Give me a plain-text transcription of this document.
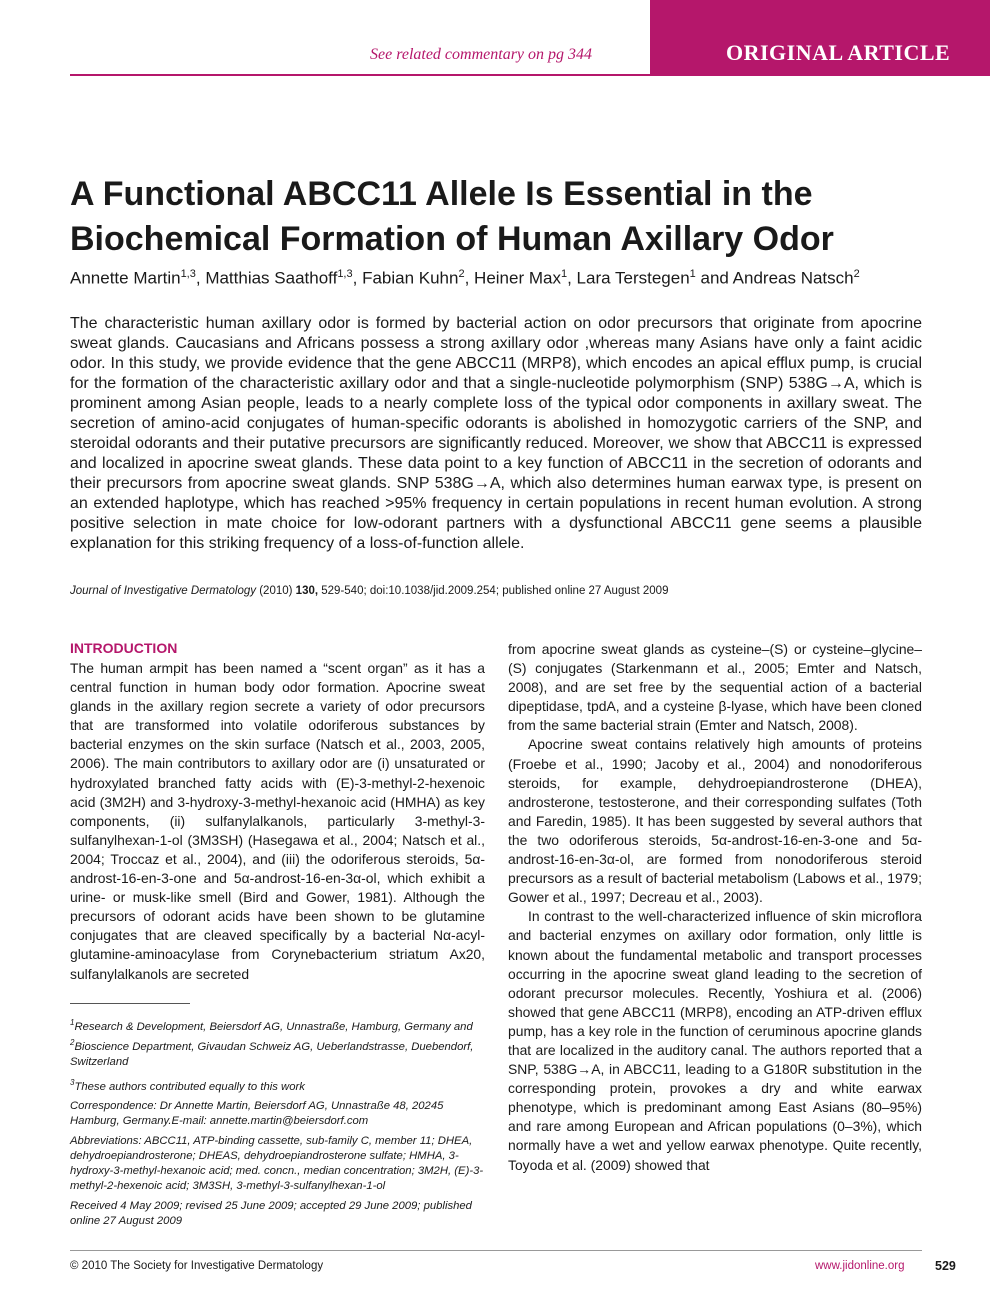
See related commentary on pg 344	ORIGINAL ARTICLE
A Functional ABCC11 Allele Is Essential in the Biochemical Formation of Human Axillary Odor
Annette Martin$^{1,3}$, Matthias Saathoff$^{1,3}$, Fabian Kuhn$^2$, Heiner Max$^1$, Lara Terstegen$^1$ and Andreas Natsch$^2$
The characteristic human axillary odor is formed by bacterial action on odor precursors that originate from apocrine sweat glands. Caucasians and Africans possess a strong axillary odor ,whereas many Asians have only a faint acidic odor. In this study, we provide evidence that the gene ABCC11 (MRP8), which encodes an apical efflux pump, is crucial for the formation of the characteristic axillary odor and that a single-nucleotide polymorphism (SNP) 538G→A, which is prominent among Asian people, leads to a nearly complete loss of the typical odor components in axillary sweat. The secretion of amino-acid conjugates of human-specific odorants is abolished in homozygotic carriers of the SNP, and steroidal odorants and their putative precursors are significantly reduced. Moreover, we show that ABCC11 is expressed and localized in apocrine sweat glands. These data point to a key function of ABCC11 in the secretion of odorants and their precursors from apocrine sweat glands. SNP 538G→A, which also determines human earwax type, is present on an extended haplotype, which has reached >95% frequency in certain populations in recent human evolution. A strong positive selection in mate choice for low-odorant partners with a dysfunctional ABCC11 gene seems a plausible explanation for this striking frequency of a loss-of-function allele.
Journal of Investigative Dermatology (2010) 130, 529-540; doi:10.1038/jid.2009.254; published online 27 August 2009
INTRODUCTION

The human armpit has been named a “scent organ” as it has a central function in human body odor formation. Apocrine sweat glands in the axillary region secrete a variety of odor precursors that are transformed into volatile odoriferous substances by bacterial enzymes on the skin surface (Natsch et al., 2003, 2005, 2006). The main contributors to axillary odor are (i) unsaturated or hydroxylated branched fatty acids with (E)-3-methyl-2-hexenoic acid (3M2H) and 3-hydroxy-3-methyl-hexanoic acid (HMHA) as key components, (ii) sulfanylalkanols, particularly 3-methyl-3-sulfanylhexan-1-ol (3M3SH) (Hasegawa et al., 2004; Natsch et al., 2004; Troccaz et al., 2004), and (iii) the odoriferous steroids, 5α-androst-16-en-3-one and 5α-androst-16-en-3α-ol, which exhibit a urine- or musk-like smell (Bird and Gower, 1981). Although the precursors of odorant acids have been shown to be glutamine conjugates that are cleaved specifically by a bacterial Nα-acyl-glutamine-aminoacylase from Corynebacterium striatum Ax20, sulfanylalkanols are secreted

from apocrine sweat glands as cysteine–(S) or cysteine–glycine–(S) conjugates (Starkenmann et al., 2005; Emter and Natsch, 2008), and are set free by the sequential action of a bacterial dipeptidase, tpdA, and a cysteine β-lyase, which have been cloned from the same bacterial strain (Emter and Natsch, 2008).

Apocrine sweat contains relatively high amounts of proteins (Froebe et al., 1990; Jacoby et al., 2004) and nonodoriferous steroids, for example, dehydroepiandrosterone (DHEA), androsterone, testosterone, and their corresponding sulfates (Toth and Faredin, 1985). It has been suggested by several authors that the two odoriferous steroids, 5α-androst-16-en-3-one and 5α-androst-16-en-3α-ol, are formed from nonodoriferous steroid precursors as a result of bacterial metabolism (Labows et al., 1979; Gower et al., 1997; Decreau et al., 2003).

In contrast to the well-characterized influence of skin microflora and bacterial enzymes on axillary odor formation, only little is known about the fundamental metabolic and transport processes occurring in the apocrine sweat gland leading to the secretion of odorant precursor molecules. Recently, Yoshiura et al. (2006) showed that gene ABCC11 (MRP8), encoding an ATP-driven efflux pump, has a key role in the function of ceruminous apocrine glands that are localized in the auditory canal. The authors reported that a SNP, 538G→A, in ABCC11, leading to a G180R substitution in the corresponding protein, provokes a dry and white earwax phenotype, which is predominant among East Asians (80–95%) and rare among European and African populations (0–3%), which normally have a wet and yellow earwax phenotype. Quite recently, Toyoda et al. (2009) showed that

$^1$Research & Development, Beiersdorf AG, Unnastraße, Hamburg, Germany and $^2$Bioscience Department, Givaudan Schweiz AG, Ueberlandstrasse, Duebendorf, Switzerland

$^3$These authors contributed equally to this work

Correspondence: Dr Annette Martin, Beiersdorf AG, Unnastraße 48, 20245 Hamburg, Germany.E-mail: annette.martin@beiersdorf.com

Abbreviations: ABCC11, ATP-binding cassette, sub-family C, member 11; DHEA, dehydroepiandrosterone; DHEAS, dehydroepiandrosterone sulfate; HMHA, 3-hydroxy-3-methyl-hexanoic acid; med. concn., median concentration; 3M2H, (E)-3-methyl-2-hexenoic acid; 3M3SH, 3-methyl-3-sulfanylhexan-1-ol

Received 4 May 2009; revised 25 June 2009; accepted 29 June 2009; published online 27 August 2009

© 2010 The Society for Investigative Dermatology	www.jidonline.org 529
